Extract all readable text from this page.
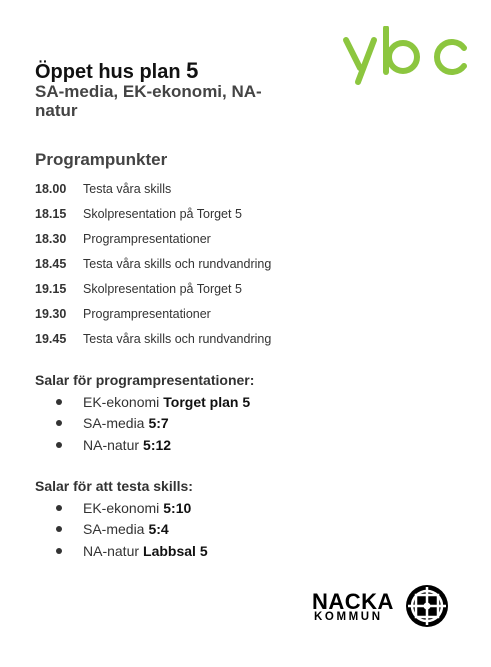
Öppet hus plan 5
SA-media, EK-ekonomi, NA-natur
Programpunkter
18.00	Testa våra skills
18.15	Skolpresentation på Torget 5
18.30	Programpresentationer
18.45	Testa våra skills och rundvandring
19.15	Skolpresentation på Torget 5
19.30	Programpresentationer
19.45	Testa våra skills och rundvandring
Salar för programpresentationer:
EK-ekonomi Torget plan 5
SA-media 5:7
NA-natur 5:12
Salar för att testa skills:
EK-ekonomi 5:10
SA-media 5:4
NA-natur Labbsal 5
NACKA
KOMMUN
